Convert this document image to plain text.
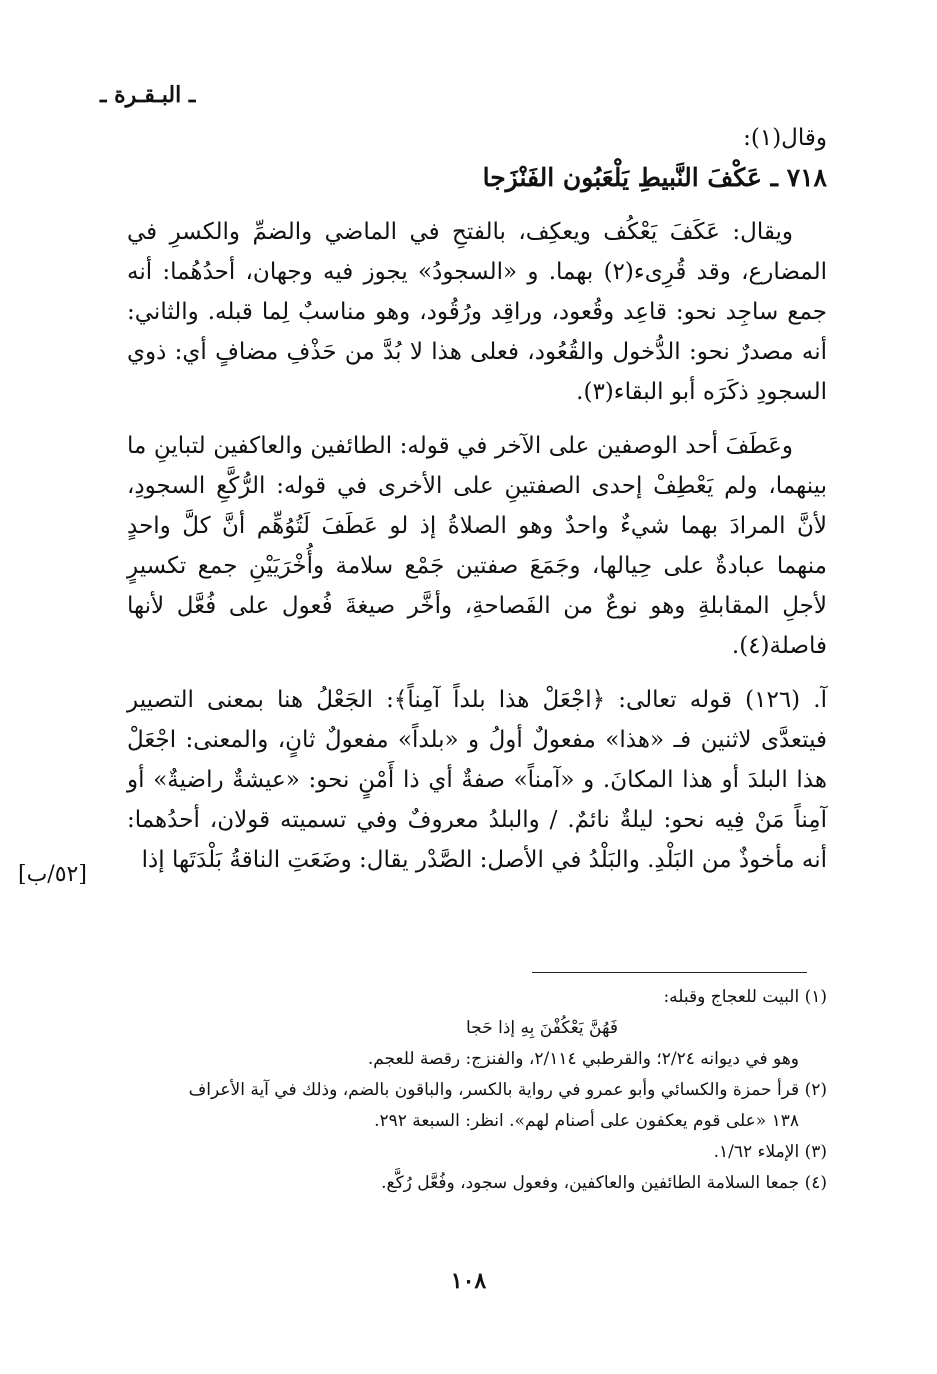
ـ البـقـرة ـ

وقال(١):

٧١٨ ـ عَكْفَ النَّبيطِ يَلْعَبُون الفَنْزَجا

ويقال: عَكَفَ يَعْكُف ويعكِف، بالفتحِ في الماضي والضمِّ والكسرِ في المضارع، وقد قُرِىء(٢) بهما. و «السجودُ» يجوز فيه وجهان، أحدُهُما: أنه جمع ساجِد نحو: قاعِد وقُعود، وراقِد ورُقُود، وهو مناسبٌ لِما قبله. والثاني: أنه مصدرٌ نحو: الدُّخول والقُعُود، فعلى هذا لا بُدَّ من حَذْفِ مضافٍ أي: ذوي السجودِ ذكَرَه أبو البقاء(٣).

وعَطَفَ أحد الوصفين على الآخر في قوله: الطائفين والعاكفين لتباينِ ما بينهما، ولم يَعْطِفْ إحدى الصفتينِ على الأخرى في قوله: الرُّكَّعِ السجودِ، لأنَّ المرادَ بهما شيءٌ واحدٌ وهو الصلاةُ إذ لو عَطَفَ لَتُوُهِّم أنَّ كلَّ واحدٍ منهما عبادةٌ على حِيالها، وجَمَعَ صفتين جَمْع سلامة وأُخْرَيَيْنِ جمع تكسيرٍ لأجلِ المقابلةِ وهو نوعٌ من الفَصاحةِ، وأخَّر صيغةَ فُعول على فُعَّل لأنها فاصلة(٤).

آ. (١٢٦) قوله تعالى: ﴿اجْعَلْ هذا بلداً آمِناً﴾: الجَعْلُ هنا بمعنى التصيير فيتعدَّى لاثنين فـ «هذا» مفعولٌ أولُ و «بلداً» مفعولٌ ثانٍ، والمعنى: اجْعَلْ هذا البلدَ أو هذا المكانَ. و «آمناً» صفةٌ أي ذا أَمْنٍ نحو: «عيشةٌ راضيةٌ» أو آمِناً مَنْ فِيه نحو: ليلةٌ نائمٌ. / والبلدُ معروفٌ وفي تسميته قولان، أحدُهما: أنه مأخوذٌ من البَلْدِ. والبَلْدُ في الأصل: الصَّدْر يقال: وضَعَتِ الناقةُ بَلْدَتَها إذا

[٥٢/ب]

(١) البيت للعجاج وقبله:

فَهُنَّ يَعْكُفْنَ بِهِ إذا حَجا

وهو في ديوانه ٢/٢٤؛ والقرطبي ٢/١١٤، والفنزج: رقصة للعجم.

(٢) قرأ حمزة والكسائي وأبو عمرو في رواية بالكسر، والباقون بالضم، وذلك في آية الأعراف

١٣٨ «على قوم يعكفون على أصنام لهم». انظر: السبعة ٢٩٢.

(٣) الإملاء ١/٦٢.

(٤) جمعا السلامة الطائفين والعاكفين، وفعول سجود، وفُعَّل رُكَّع.

١٠٨
